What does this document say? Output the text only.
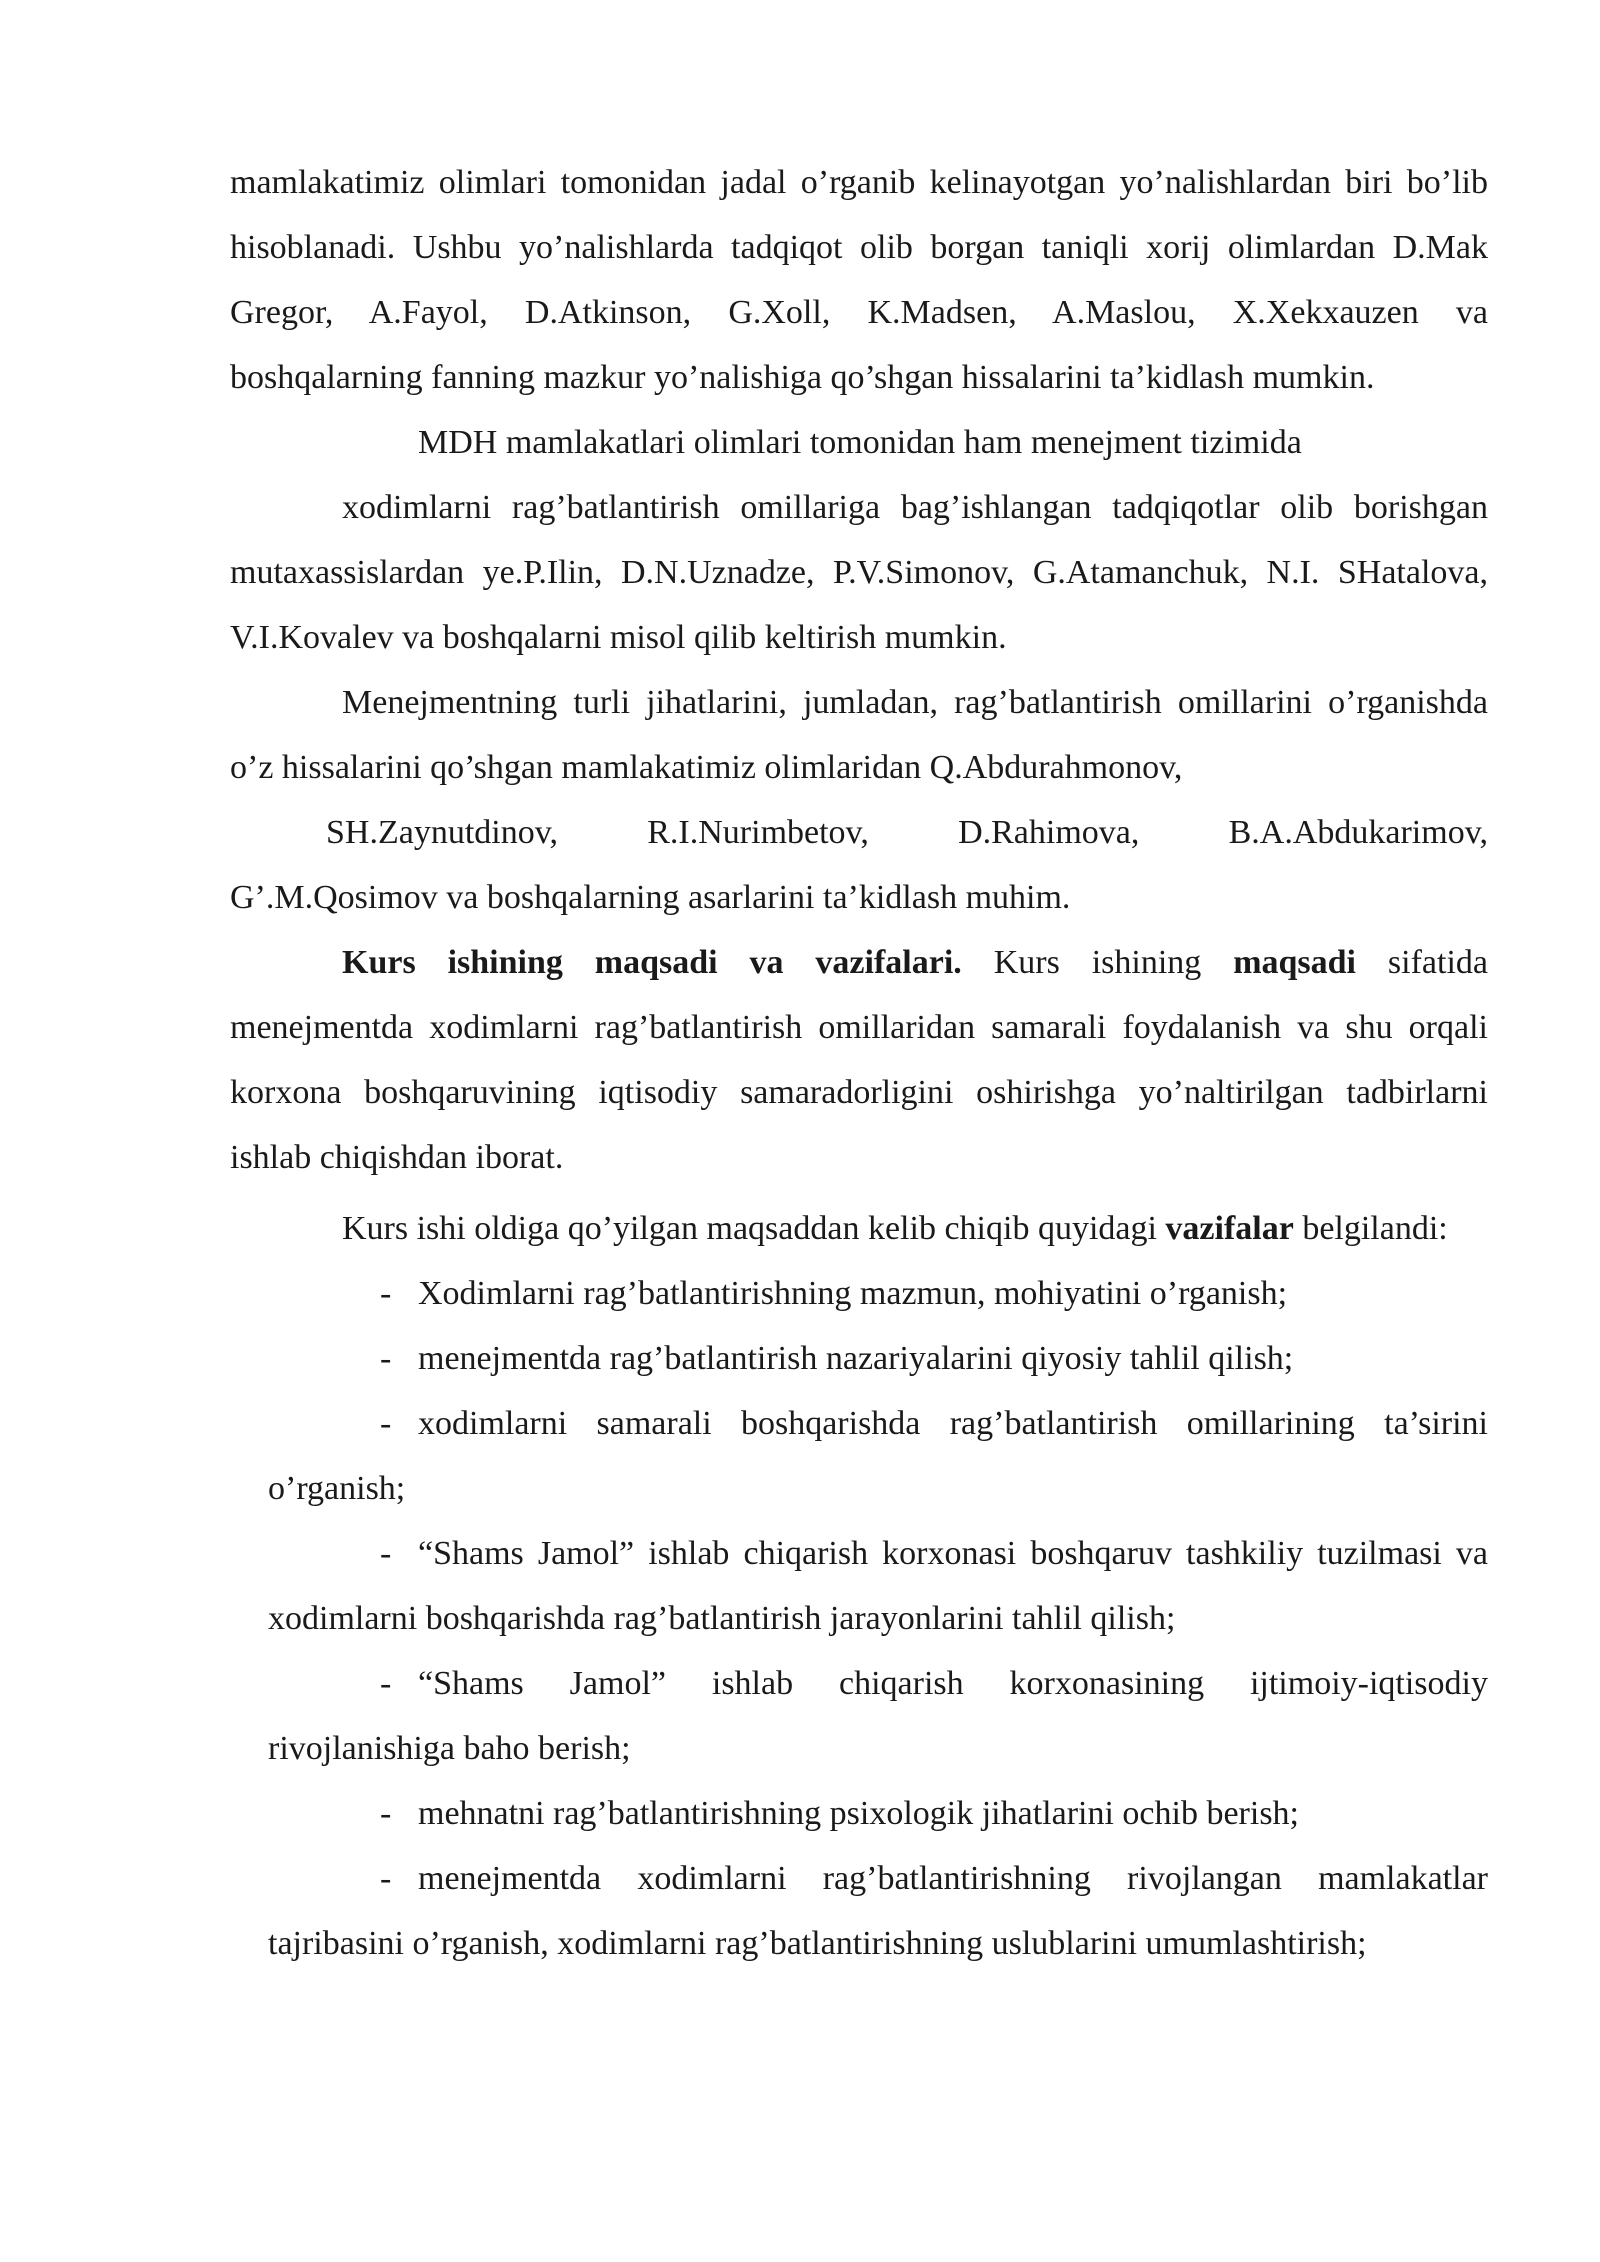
mamlakatimiz olimlari tomonidan jadal o’rganib kelinayotgan yo’nalishlardan biri bo’lib hisoblanadi. Ushbu yo’nalishlarda tadqiqot olib borgan taniqli xorij olimlardan D.Mak Gregor, A.Fayol, D.Atkinson, G.Xoll, K.Madsen, A.Maslou, X.Xekxauzen va boshqalarning fanning mazkur yo’nalishiga qo’shgan hissalarini ta’kidlash mumkin.

MDH mamlakatlari olimlari tomonidan ham menejment tizimida

xodimlarni rag’batlantirish omillariga bag’ishlangan tadqiqotlar olib borishgan mutaxassislardan ye.P.Ilin, D.N.Uznadze, P.V.Simonov, G.Atamanchuk, N.I. SHatalova, V.I.Kovalev va boshqalarni misol qilib keltirish mumkin.

Menejmentning turli jihatlarini, jumladan, rag’batlantirish omillarini o’rganishda o’z hissalarini qo’shgan mamlakatimiz olimlaridan Q.Abdurahmonov,

SH.Zaynutdinov, R.I.Nurimbetov, D.Rahimova, B.A.Abdukarimov,

G’.M.Qosimov va boshqalarning asarlarini ta’kidlash muhim.

Kurs ishining maqsadi va vazifalari. Kurs ishining maqsadi sifatida menejmentda xodimlarni rag’batlantirish omillaridan samarali foydalanish va shu orqali korxona boshqaruvining iqtisodiy samaradorligini oshirishga yo’naltirilgan tadbirlarni ishlab chiqishdan iborat.

Kurs ishi oldiga qo’yilgan maqsaddan kelib chiqib quyidagi vazifalar belgilandi:

- Xodimlarni rag’batlantirishning mazmun, mohiyatini o’rganish;

- menejmentda rag’batlantirish nazariyalarini qiyosiy tahlil qilish;

- xodimlarni samarali boshqarishda rag’batlantirish omillarining ta’sirini o’rganish;

- “Shams Jamol” ishlab chiqarish korxonasi boshqaruv tashkiliy tuzilmasi va xodimlarni boshqarishda rag’batlantirish jarayonlarini tahlil qilish;

- “Shams Jamol” ishlab chiqarish korxonasining ijtimoiy-iqtisodiy rivojlanishiga baho berish;

- mehnatni rag’batlantirishning psixologik jihatlarini ochib berish;

- menejmentda xodimlarni rag’batlantirishning rivojlangan mamlakatlar tajribasini o’rganish, xodimlarni rag’batlantirishning uslublarini umumlashtirish;
